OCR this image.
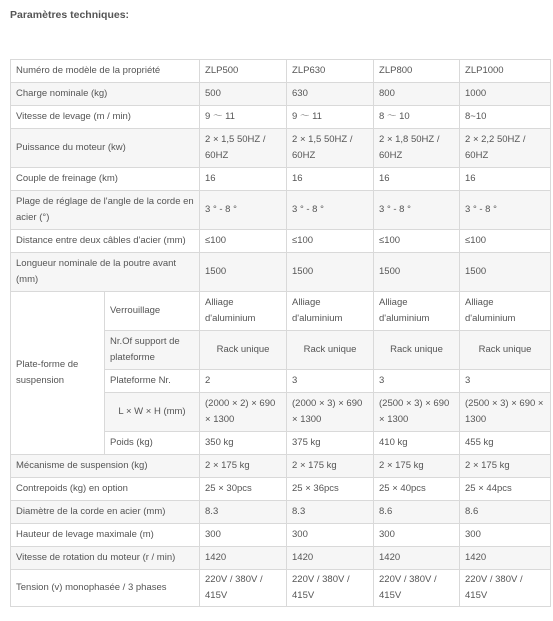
Paramètres techniques:
Numéro de modèle de la propriété		ZLP500	ZLP630	ZLP800	ZLP1000
Charge nominale (kg)		500	630	800	1000
Vitesse de levage (m / min)		9 ～ 11	9 ～ 11	8 ～ 10	8~10
Puissance du moteur (kw)		2 × 1,5 50HZ / 60HZ	2 × 1,5 50HZ / 60HZ	2 × 1,8 50HZ / 60HZ	2 × 2,2 50HZ / 60HZ
Couple de freinage (km)		16	16	16	16
Plage de réglage de l'angle de la corde en acier (°)		3 ° - 8 °	3 ° - 8 °	3 ° - 8 °	3 ° - 8 °
Distance entre deux câbles d'acier (mm)		≤100	≤100	≤100	≤100
Longueur nominale de la poutre avant (mm)		1500	1500	1500	1500
Plate-forme de suspension	Verrouillage	Alliage d'aluminium	Alliage d'aluminium	Alliage d'aluminium	Alliage d'aluminium
	Nr.Of support de plateforme	Rack unique	Rack unique	Rack unique	Rack unique
	Plateforme Nr.	2	3	3	3
	L × W × H (mm)	(2000 × 2) × 690 × 1300	(2000 × 3) × 690 × 1300	(2500 × 3) × 690 × 1300	(2500 × 3) × 690 × 1300
	Poids (kg)	350 kg	375 kg	410 kg	455 kg
Mécanisme de suspension (kg)		2 × 175 kg	2 × 175 kg	2 × 175 kg	2 × 175 kg
Contrepoids (kg) en option		25 × 30pcs	25 × 36pcs	25 × 40pcs	25 × 44pcs
Diamètre de la corde en acier (mm)		8.3	8.3	8.6	8.6
Hauteur de levage maximale (m)		300	300	300	300
Vitesse de rotation du moteur (r / min)		1420	1420	1420	1420
Tension (v) monophasée / 3 phases		220V / 380V / 415V	220V / 380V / 415V	220V / 380V / 415V	220V / 380V / 415V
